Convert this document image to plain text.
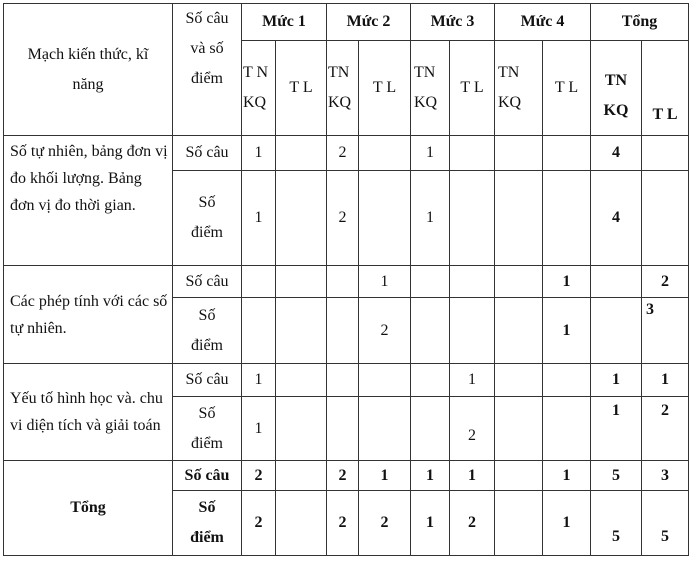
Mạch kiến thức, kĩ năng	Số câu và số điểm	Mức 1		Mức 2		Mức 3		Mức 4		Tổng	
		T N KQ	T L	TN KQ	T L	TN KQ	T L	TN KQ	T L	TN KQ	T L
Số tự nhiên, bảng đơn vị đo khối lượng. Bảng đơn vị đo thời gian.	Số câu	1		2		1				4	
	Số điểm	1		2		1				4	
Các phép tính với các số tự nhiên.	Số câu				1				1		2
	Số điểm				2				1		3
Yếu tố hình học và. chu vi diện tích và giải toán	Số câu	1					1			1	1
	Số điểm	1					2			1	2
Tổng	Số câu	2		2	1	1	1		1	5	3
	Số điểm	2		2	2	1	2		1	5	5
